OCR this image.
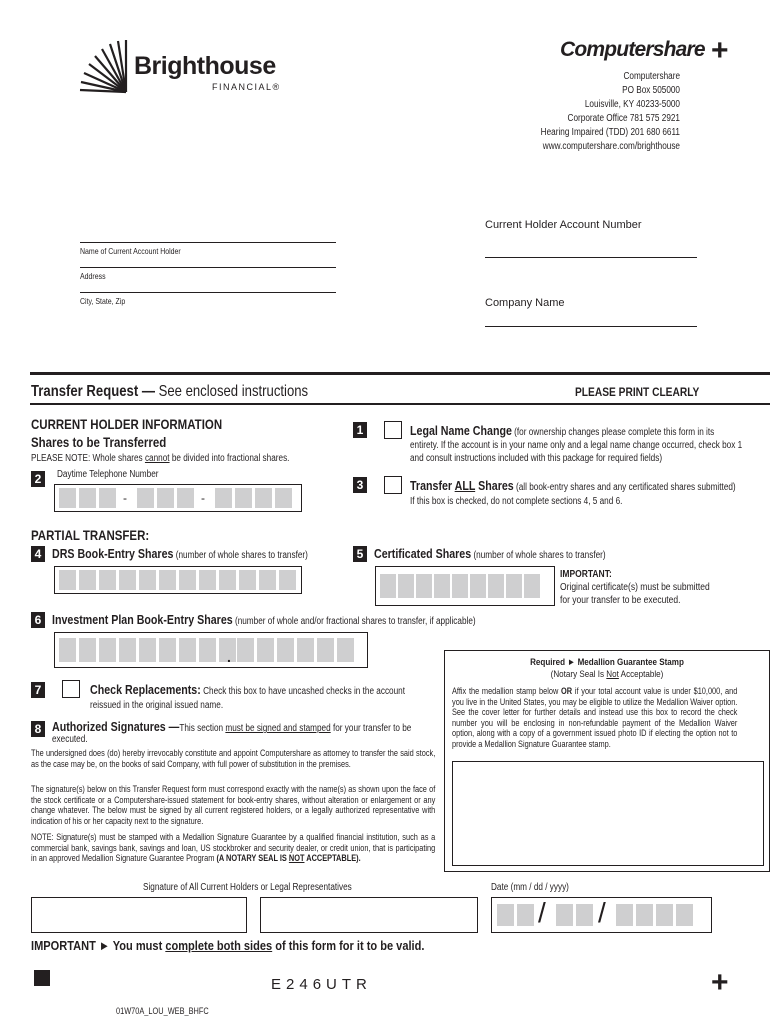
Brighthouse
FINANCIAL®
Computershare +
Computershare
PO Box 505000
Louisville, KY 40233-5000
Corporate Office 781 575 2921
Hearing Impaired (TDD) 201 680 6611
www.computershare.com/brighthouse
Name of Current Account Holder
Address
City, State, Zip
Current Holder Account Number
Company Name
Transfer Request — See enclosed instructions	PLEASE PRINT CLEARLY
CURRENT HOLDER INFORMATION
Shares to be Transferred
PLEASE NOTE: Whole shares cannot be divided into fractional shares.
2	Daytime Telephone Number
-	-
1	Legal Name Change (for ownership changes please complete this form in its
entirety. If the account is in your name only and a legal name change occurred, check box 1 and consult instructions included with this package for required fields)
3	Transfer ALL Shares (all book-entry shares and any certificated shares submitted)
If this box is checked, do not complete sections 4, 5 and 6.
PARTIAL TRANSFER:
4 DRS Book-Entry Shares (number of whole shares to transfer)	5 Certificated Shares (number of whole shares to transfer)
IMPORTANT:
Original certificate(s) must be submitted
for your transfer to be executed.
6 Investment Plan Book-Entry Shares (number of whole and/or fractional shares to transfer, if applicable)
.
7	Check Replacements: Check this box to have uncashed checks in the account reissued in the original issued name.
8 Authorized Signatures —This section must be signed and stamped for your transfer to be executed.
The undersigned does (do) hereby irrevocably constitute and appoint Computershare as attorney to transfer the said stock, as the case may be, on the books of said Company, with full power of substitution in the premises.
The signature(s) below on this Transfer Request form must correspond exactly with the name(s) as shown upon the face of the stock certificate or a Computershare-issued statement for book-entry shares, without alteration or enlargement or any change whatever. The below must be signed by all current registered holders, or a legally authorized representative with indication of his or her capacity next to the signature.
NOTE: Signature(s) must be stamped with a Medallion Signature Guarantee by a qualified financial institution, such as a commercial bank, savings bank, savings and loan, US stockbroker and security dealer, or credit union, that is participating in an approved Medallion Signature Guarantee Program (A NOTARY SEAL IS NOT ACCEPTABLE).
Required ► Medallion Guarantee Stamp
(Notary Seal Is Not Acceptable)
Affix the medallion stamp below OR if your total account value is under $10,000, and you live in the United States, you may be eligible to utilize the Medallion Waiver option. See the cover letter for further details and instead use this box to record the check number you will be enclosing in non-refundable payment of the Medallion Waiver option, along with a copy of a government issued photo ID if electing the option not to provide a Medallion Signature Guarantee stamp.
Signature of All Current Holders or Legal Representatives	Date (mm / dd / yyyy)
/ /
IMPORTANT ► You must complete both sides of this form for it to be valid.
E246UTR	+
01W70A_LOU_WEB_BHFC
